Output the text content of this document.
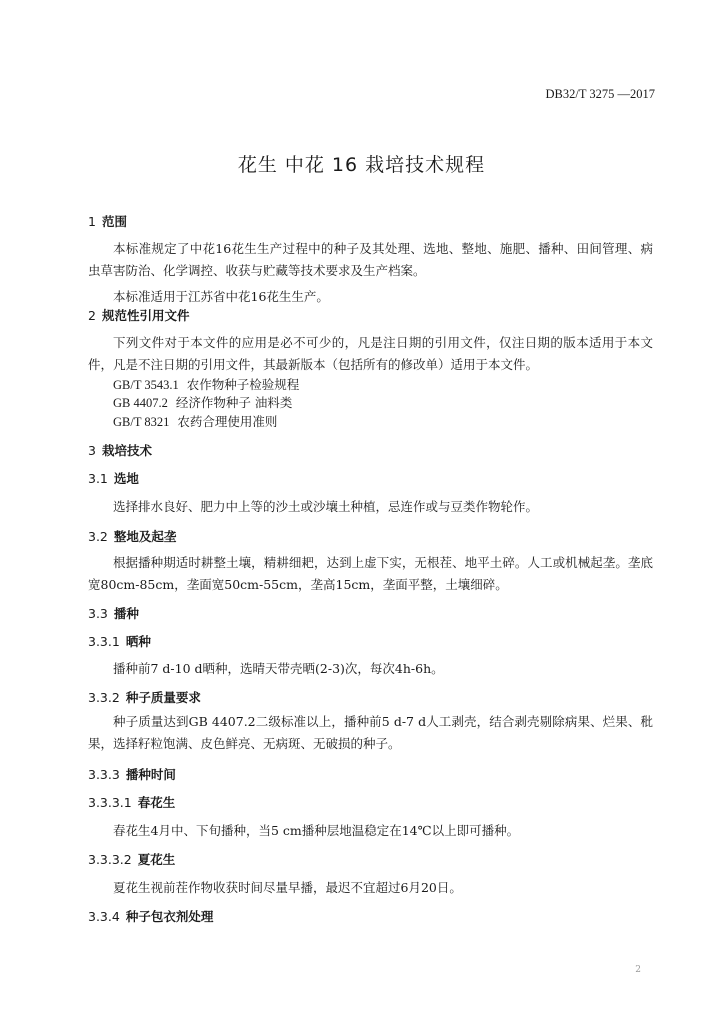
DB32/T 3275 —2017
花生 中花 16 栽培技术规程
1 范围
本标准规定了中花16花生生产过程中的种子及其处理、选地、整地、施肥、播种、田间管理、病虫草害防治、化学调控、收获与贮藏等技术要求及生产档案。
本标准适用于江苏省中花16花生生产。
2 规范性引用文件
下列文件对于本文件的应用是必不可少的，凡是注日期的引用文件，仅注日期的版本适用于本文件，凡是不注日期的引用文件，其最新版本（包括所有的修改单）适用于本文件。
GB/T 3543.1 农作物种子检验规程
GB 4407.2 经济作物种子 油料类
GB/T 8321 农药合理使用准则
3 栽培技术
3.1 选地
选择排水良好、肥力中上等的沙土或沙壤土种植，忌连作或与豆类作物轮作。
3.2 整地及起垄
根据播种期适时耕整土壤，精耕细耙，达到上虚下实，无根茬、地平土碎。人工或机械起垄。垄底宽80cm-85cm，垄面宽50cm-55cm，垄高15cm，垄面平整，土壤细碎。
3.3 播种
3.3.1 晒种
播种前7 d-10 d晒种，选晴天带壳晒(2-3)次，每次4h-6h。
3.3.2 种子质量要求
种子质量达到GB 4407.2二级标准以上，播种前5 d-7 d人工剥壳，结合剥壳剔除病果、烂果、秕果，选择籽粒饱满、皮色鲜亮、无病斑、无破损的种子。
3.3.3 播种时间
3.3.3.1 春花生
春花生4月中、下旬播种，当5 cm播种层地温稳定在14℃以上即可播种。
3.3.3.2 夏花生
夏花生视前茬作物收获时间尽量早播，最迟不宜超过6月20日。
3.3.4 种子包衣剂处理
2
